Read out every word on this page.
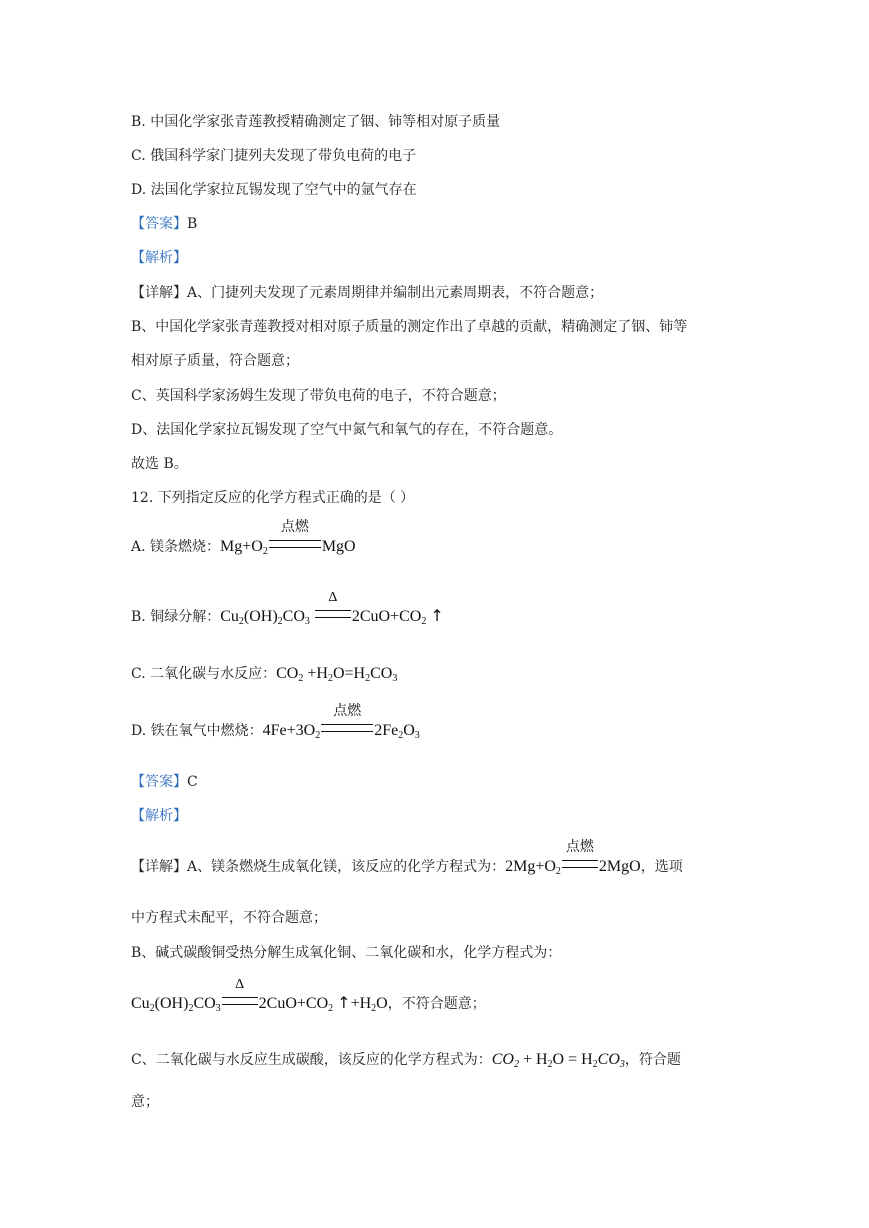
B. 中国化学家张青莲教授精确测定了铟、铈等相对原子质量
C. 俄国科学家门捷列夫发现了带负电荷的电子
D. 法国化学家拉瓦锡发现了空气中的氩气存在
【答案】B
【解析】
【详解】A、门捷列夫发现了元素周期律并编制出元素周期表，不符合题意；
B、中国化学家张青莲教授对相对原子质量的测定作出了卓越的贡献，精确测定了铟、铈等
相对原子质量，符合题意；
C、英国科学家汤姆生发现了带负电荷的电子，不符合题意；
D、法国化学家拉瓦锡发现了空气中氮气和氧气的存在，不符合题意。
故选 B。
12. 下列指定反应的化学方程式正确的是（ ）
A. 镁条燃烧：$Mg+O_2$
点燃
MgO
B. 铜绿分解：$Cu_2(OH)_2CO_3$
Δ
$2CuO+CO_2$ ↑
C. 二氧化碳与水反应：$CO_2 +H_2O=H_2CO_3$
D. 铁在氧气中燃烧：$4Fe+3O_2$
点燃
$2Fe_2O_3$
【答案】C
【解析】
【详解】A、镁条燃烧生成氧化镁，该反应的化学方程式为：$2Mg+O_2$
点燃
2MgO，选项
中方程式未配平，不符合题意；
B、碱式碳酸铜受热分解生成氧化铜、二氧化碳和水，化学方程式为：
$Cu_2(OH)_2CO_3$
Δ
$2CuO+CO_2$ $↑+H_2O$，不符合题意；
C、二氧化碳与水反应生成碳酸，该反应的化学方程式为：$CO_2 + H_2O = H_2CO_3$，符合题
意；
